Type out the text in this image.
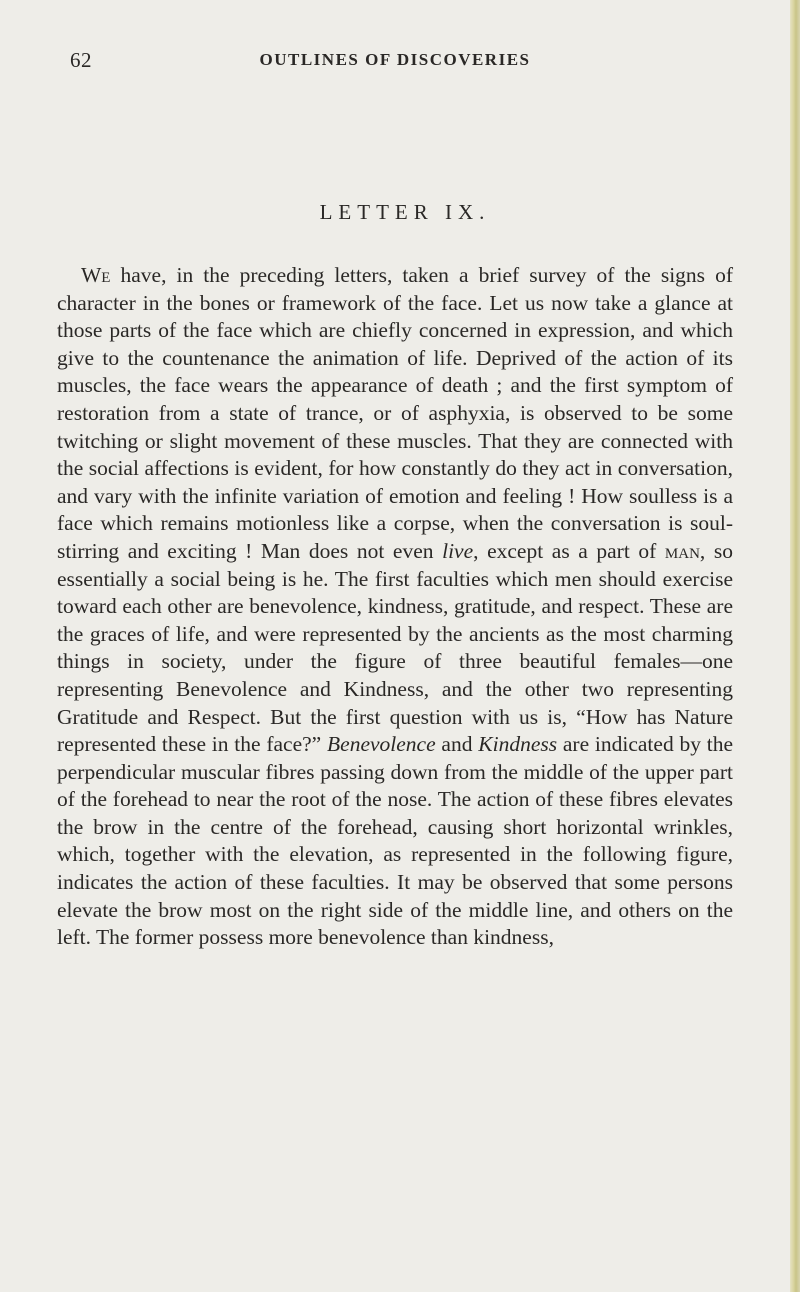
62	OUTLINES OF DISCOVERIES
LETTER IX.

We have, in the preceding letters, taken a brief survey of the signs of character in the bones or framework of the face. Let us now take a glance at those parts of the face which are chiefly concerned in expression, and which give to the countenance the animation of life. Deprived of the action of its muscles, the face wears the appearance of death ; and the first symptom of restoration from a state of trance, or of asphyxia, is observed to be some twitching or slight movement of these muscles. That they are connected with the social affections is evident, for how constantly do they act in conversation, and vary with the infinite variation of emotion and feeling ! How soulless is a face which remains motionless like a corpse, when the conversation is soul-stirring and exciting ! Man does not even live, except as a part of man, so essentially a social being is he. The first faculties which men should exercise toward each other are benevolence, kindness, gratitude, and respect. These are the graces of life, and were represented by the ancients as the most charming things in society, under the figure of three beautiful females—one representing Benevolence and Kindness, and the other two representing Gratitude and Respect. But the first question with us is, “How has Nature represented these in the face?” Benevolence and Kindness are indicated by the perpendicular muscular fibres passing down from the middle of the upper part of the forehead to near the root of the nose. The action of these fibres elevates the brow in the centre of the forehead, causing short horizontal wrinkles, which, together with the elevation, as represented in the following figure, indicates the action of these faculties. It may be observed that some persons elevate the brow most on the right side of the middle line, and others on the left. The former possess more benevolence than kindness,
